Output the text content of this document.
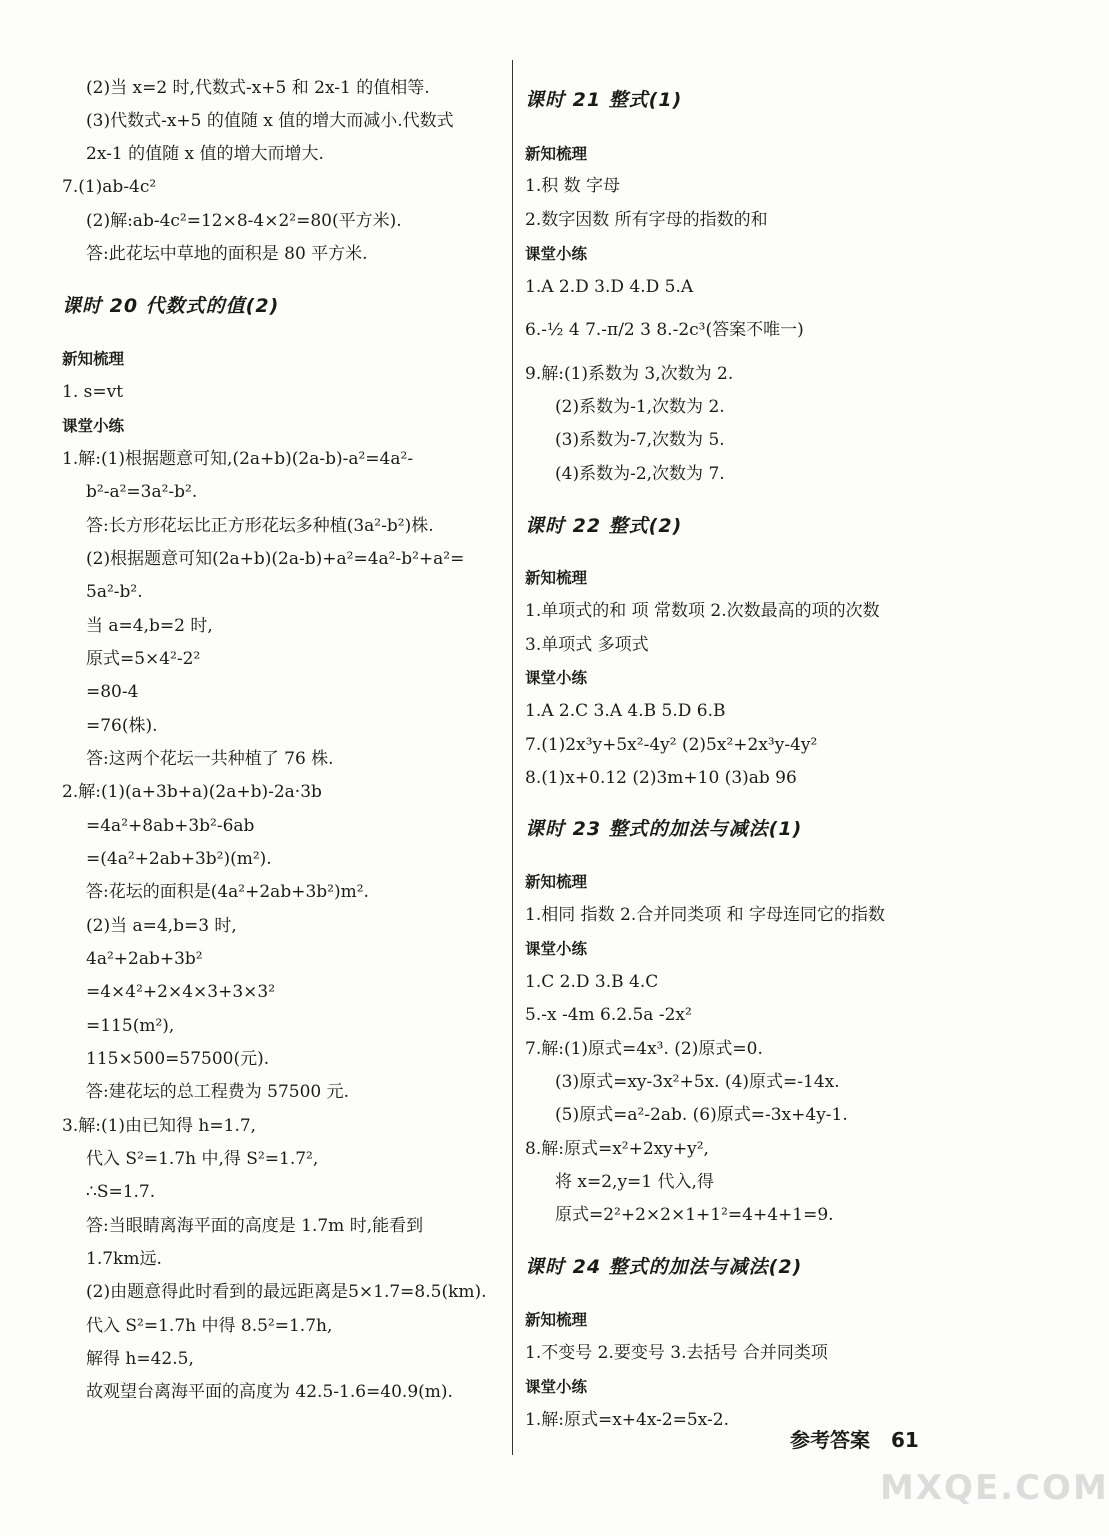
(2)当 x=2 时,代数式-x+5 和 2x-1 的值相等.
(3)代数式-x+5 的值随 x 值的增大而减小.代数式
2x-1 的值随 x 值的增大而增大.
7.(1)ab-4c²
(2)解:ab-4c²=12×8-4×2²=80(平方米).
答:此花坛中草地的面积是 80 平方米.
课时 20 代数式的值(2)
新知梳理
1. s=vt
课堂小练
1.解:(1)根据题意可知,(2a+b)(2a-b)-a²=4a²-
b²-a²=3a²-b².
答:长方形花坛比正方形花坛多种植(3a²-b²)株.
(2)根据题意可知(2a+b)(2a-b)+a²=4a²-b²+a²=
5a²-b².
当 a=4,b=2 时,
原式=5×4²-2²
=80-4
=76(株).
答:这两个花坛一共种植了 76 株.
2.解:(1)(a+3b+a)(2a+b)-2a·3b
=4a²+8ab+3b²-6ab
=(4a²+2ab+3b²)(m²).
答:花坛的面积是(4a²+2ab+3b²)m².
(2)当 a=4,b=3 时,
4a²+2ab+3b²
=4×4²+2×4×3+3×3²
=115(m²),
115×500=57500(元).
答:建花坛的总工程费为 57500 元.
3.解:(1)由已知得 h=1.7,
代入 S²=1.7h 中,得 S²=1.7²,
∴S=1.7.
答:当眼睛离海平面的高度是 1.7m 时,能看到
1.7km远.
(2)由题意得此时看到的最远距离是5×1.7=8.5(km).
代入 S²=1.7h 中得 8.5²=1.7h,
解得 h=42.5,
故观望台离海平面的高度为 42.5-1.6=40.9(m).
课时 21 整式(1)
新知梳理
1.积 数 字母
2.数字因数 所有字母的指数的和
课堂小练
1.A 2.D 3.D 4.D 5.A
6.-½ 4 7.-π/2 3 8.-2c³(答案不唯一)
9.解:(1)系数为 3,次数为 2.
(2)系数为-1,次数为 2.
(3)系数为-7,次数为 5.
(4)系数为-2,次数为 7.
课时 22 整式(2)
新知梳理
1.单项式的和 项 常数项 2.次数最高的项的次数
3.单项式 多项式
课堂小练
1.A 2.C 3.A 4.B 5.D 6.B
7.(1)2x³y+5x²-4y² (2)5x²+2x³y-4y²
8.(1)x+0.12 (2)3m+10 (3)ab 96
课时 23 整式的加法与减法(1)
新知梳理
1.相同 指数 2.合并同类项 和 字母连同它的指数
课堂小练
1.C 2.D 3.B 4.C
5.-x -4m 6.2.5a -2x²
7.解:(1)原式=4x³. (2)原式=0.
(3)原式=xy-3x²+5x. (4)原式=-14x.
(5)原式=a²-2ab. (6)原式=-3x+4y-1.
8.解:原式=x²+2xy+y²,
将 x=2,y=1 代入,得
原式=2²+2×2×1+1²=4+4+1=9.
课时 24 整式的加法与减法(2)
新知梳理
1.不变号 2.要变号 3.去括号 合并同类项
课堂小练
1.解:原式=x+4x-2=5x-2.
参考答案 61
MXQE.COM
